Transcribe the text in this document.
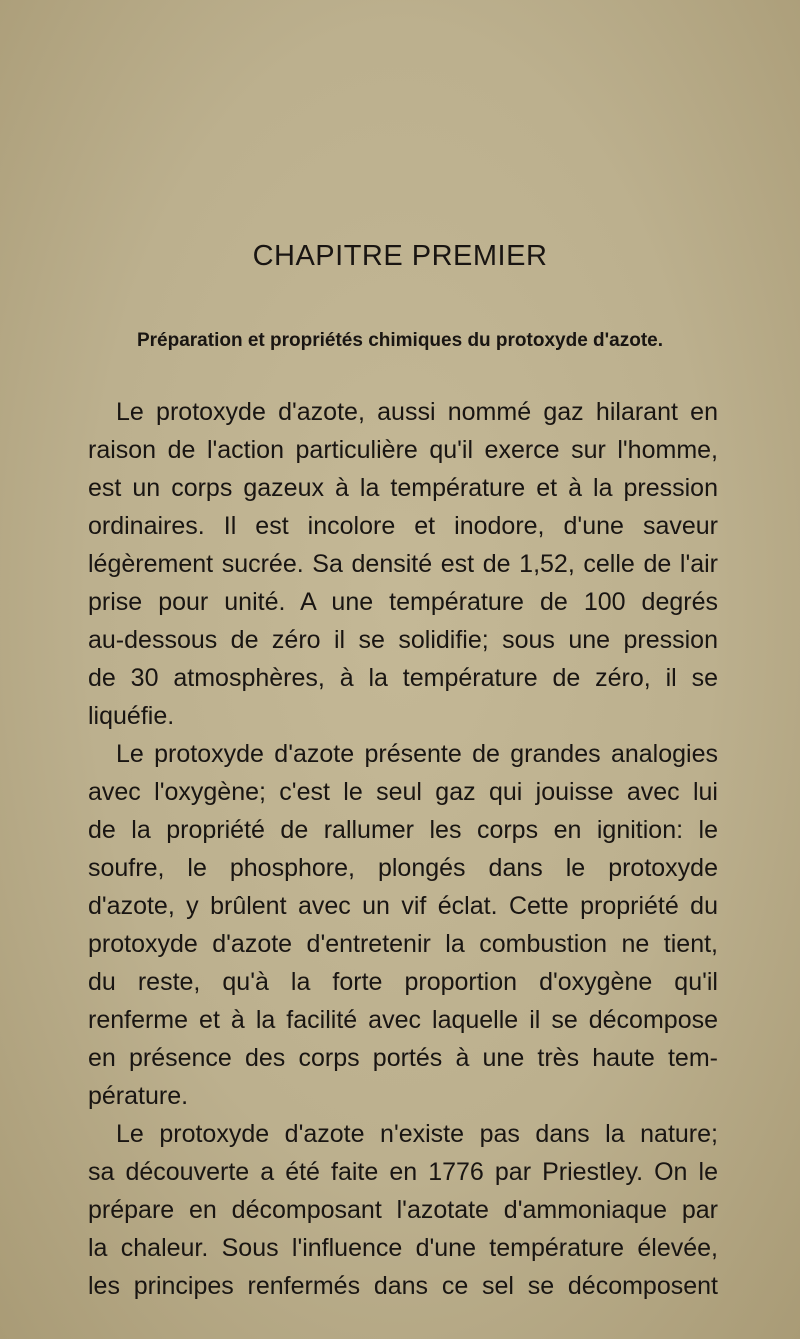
CHAPITRE PREMIER
Préparation et propriétés chimiques du protoxyde d'azote.
Le protoxyde d'azote, aussi nommé gaz hilarant en
raison de l'action particulière qu'il exerce sur l'homme,
est un corps gazeux à la température et à la pression
ordinaires. Il est incolore et inodore, d'une saveur
légèrement sucrée. Sa densité est de 1,52, celle de l'air
prise pour unité. A une température de 100 degrés
au-dessous de zéro il se solidifie; sous une pression
de 30 atmosphères, à la température de zéro, il se
liquéfie.
Le protoxyde d'azote présente de grandes analogies
avec l'oxygène; c'est le seul gaz qui jouisse avec lui
de la propriété de rallumer les corps en ignition: le
soufre, le phosphore, plongés dans le protoxyde
d'azote, y brûlent avec un vif éclat. Cette propriété du
protoxyde d'azote d'entretenir la combustion ne tient,
du reste, qu'à la forte proportion d'oxygène qu'il
renferme et à la facilité avec laquelle il se décompose
en présence des corps portés à une très haute tem-
pérature.
Le protoxyde d'azote n'existe pas dans la nature;
sa découverte a été faite en 1776 par Priestley. On le
prépare en décomposant l'azotate d'ammoniaque par
la chaleur. Sous l'influence d'une température élevée,
les principes renfermés dans ce sel se décomposent
